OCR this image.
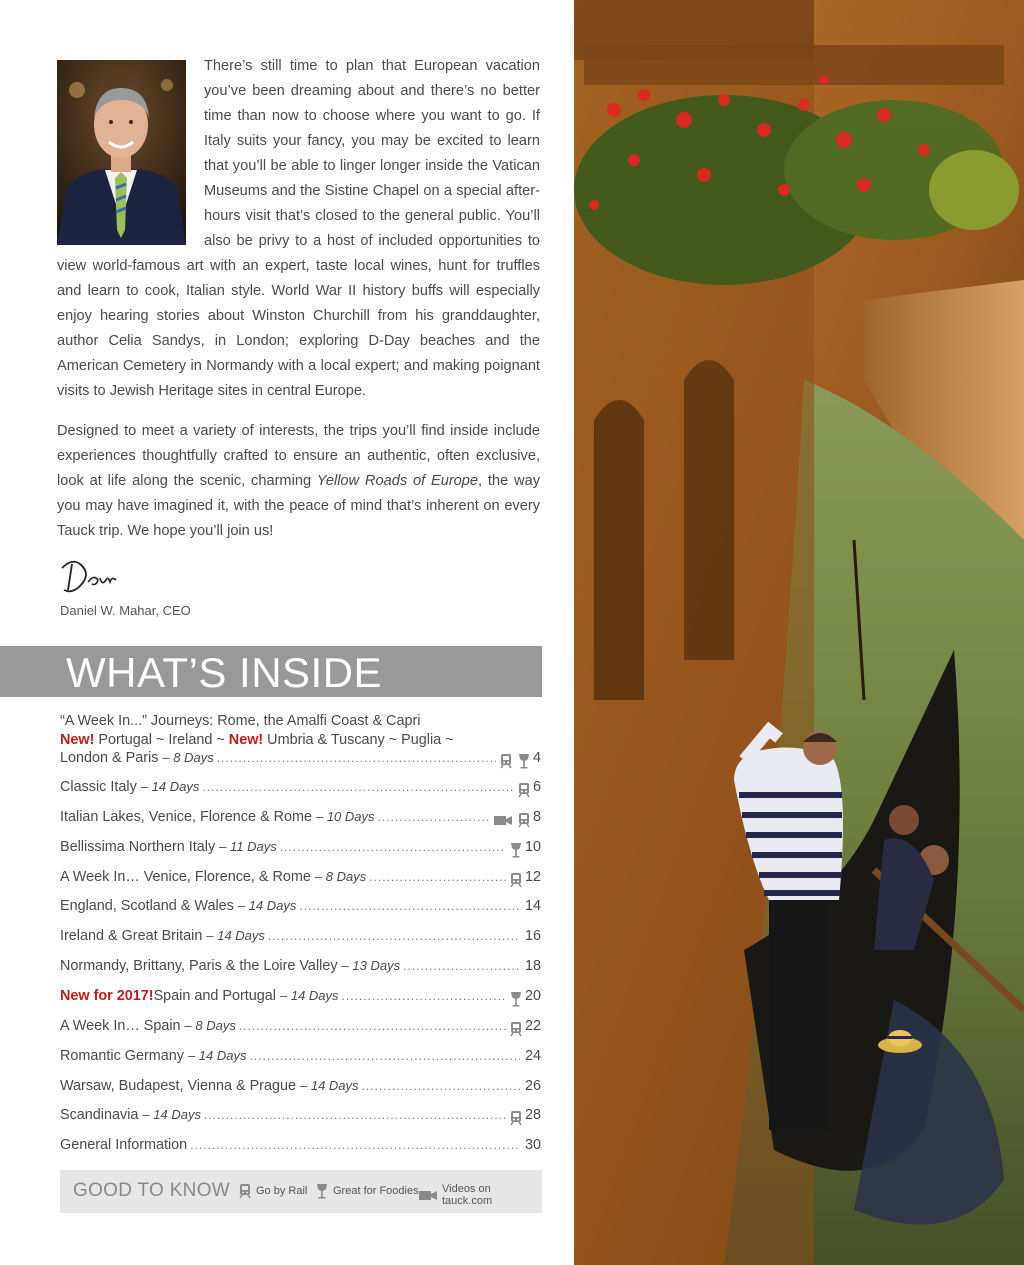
There’s still time to plan that European vacation you’ve been dreaming about and there’s no better time than now to choose where you want to go. If Italy suits your fancy, you may be excited to learn that you’ll be able to linger longer inside the Vatican Museums and the Sistine Chapel on a special after-hours visit that’s closed to the general public. You’ll also be privy to a host of included opportunities to view world-famous art with an expert, taste local wines, hunt for truffles and learn to cook, Italian style. World War II history buffs will especially enjoy hearing stories about Winston Churchill from his granddaughter, author Celia Sandys, in London; exploring D-Day beaches and the American Cemetery in Normandy with a local expert; and making poignant visits to Jewish Heritage sites in central Europe.

Designed to meet a variety of interests, the trips you’ll find inside include experiences thoughtfully crafted to ensure an authentic, often exclusive, look at life along the scenic, charming Yellow Roads of Europe, the way you may have imagined it, with the peace of mind that’s inherent on every Tauck trip. We hope you’ll join us!

Daniel W. Mahar, CEO
WHAT’S INSIDE
“A Week In...” Journeys: Rome, the Amalfi Coast & Capri
New! Portugal ~ Ireland ~ New! Umbria & Tuscany ~ Puglia ~
London & Paris – 8 Days .....	4
Classic Italy – 14 Days .....	6
Italian Lakes, Venice, Florence & Rome – 10 Days .....	8
Bellissima Northern Italy – 11 Days .....	10
A Week In… Venice, Florence, & Rome – 8 Days .....	12
England, Scotland & Wales – 14 Days .....	14
Ireland & Great Britain – 14 Days .....	16
Normandy, Brittany, Paris & the Loire Valley – 13 Days .....	18
New for 2017! Spain and Portugal – 14 Days .....	20
A Week In… Spain – 8 Days .....	22
Romantic Germany – 14 Days .....	24
Warsaw, Budapest, Vienna & Prague – 14 Days .....	26
Scandinavia – 14 Days .....	28
General Information .....	30
GOOD TO KNOW Go by Rail Great for Foodies Videos on tauck.com
